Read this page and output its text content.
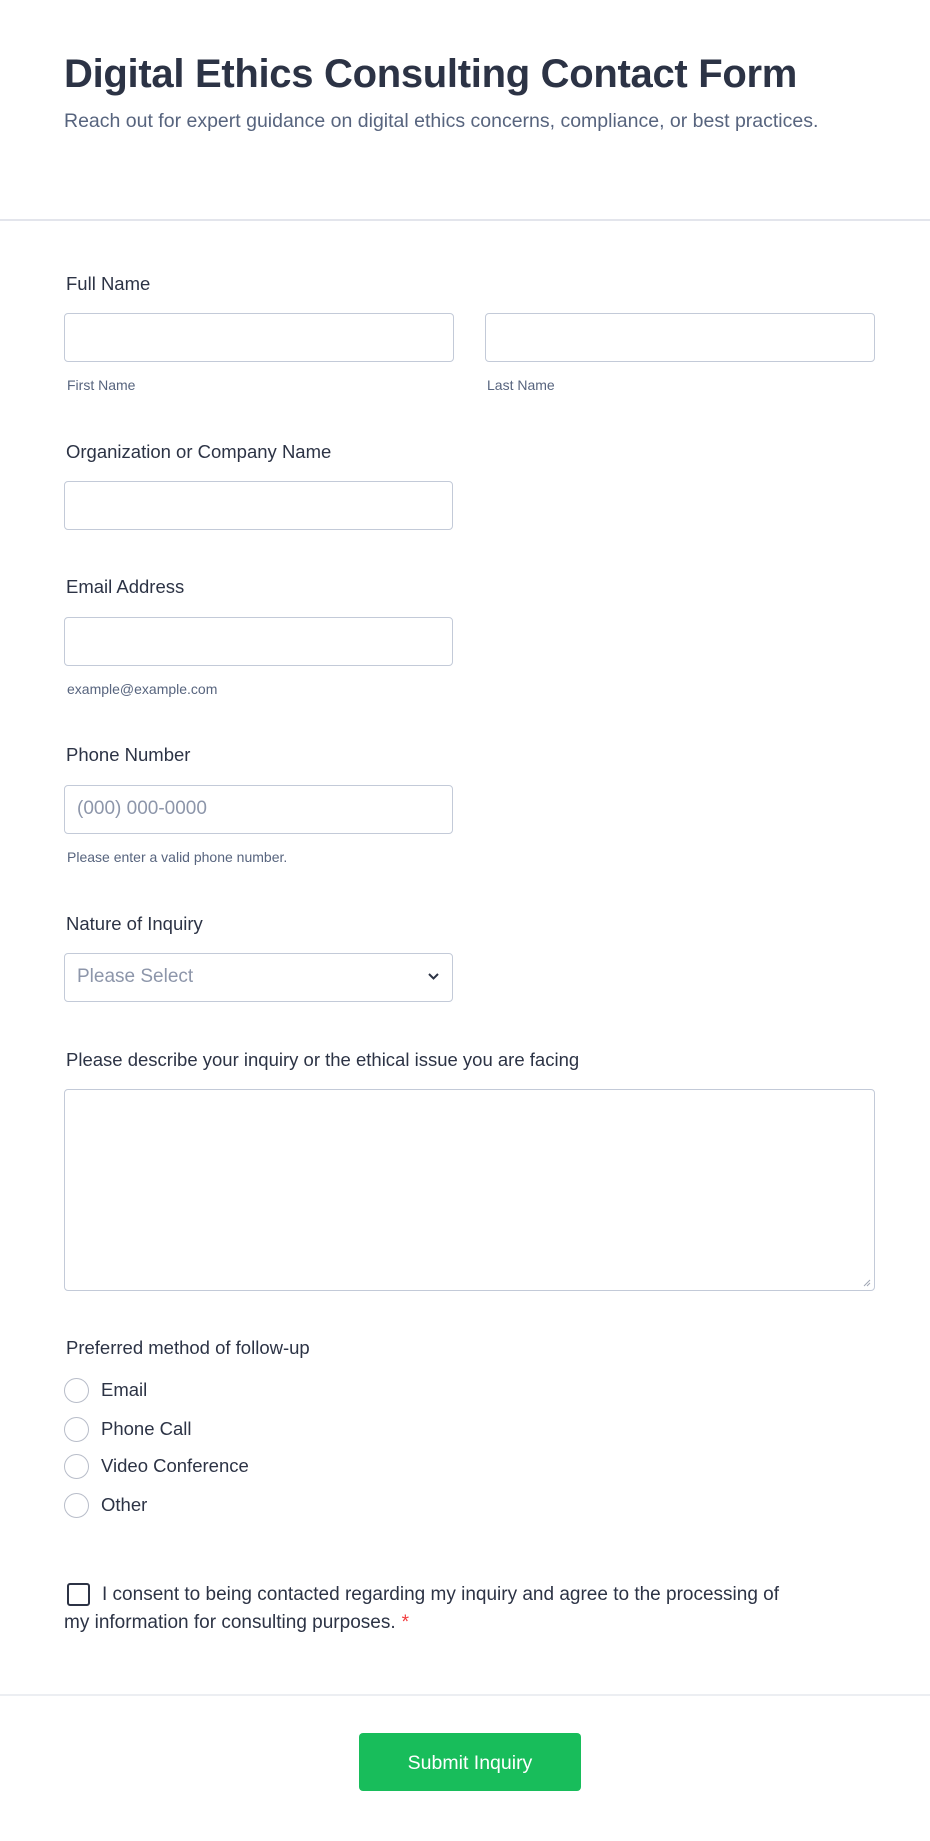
Digital Ethics Consulting Contact Form
Reach out for expert guidance on digital ethics concerns, compliance, or best practices.
Full Name
First Name	Last Name
Organization or Company Name
Email Address
example@example.com
Phone Number
(000) 000-0000
Please enter a valid phone number.
Nature of Inquiry
Please Select
Please describe your inquiry or the ethical issue you are facing
Preferred method of follow-up
Email
Phone Call
Video Conference
Other
I consent to being contacted regarding my inquiry and agree to the processing of my information for consulting purposes. *
Submit Inquiry
